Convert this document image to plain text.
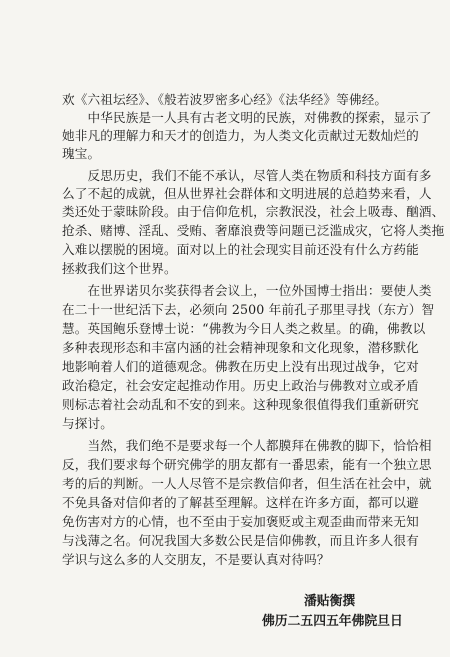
欢《六祖坛经》、《般若波罗密多心经》《法华经》等佛经。
　　中华民族是一人具有古老文明的民族，对佛教的探索，显示了
她非凡的理解力和天才的创造力，为人类文化贡献过无数灿烂的
瑰宝。
　　反思历史，我们不能不承认，尽管人类在物质和科技方面有多
么了不起的成就，但从世界社会群体和文明进展的总趋势来看，人
类还处于蒙昧阶段。由于信仰危机，宗教泯没，社会上吸毒、酗酒、
抢杀、赌博、淫乱、受贿、奢靡浪费等问题已泛滥成灾，它将人类拖
入难以摆脱的困境。面对以上的社会现实目前还没有什么方药能
拯救我们这个世界。
　　在世界诺贝尔奖获得者会议上，一位外国博士指出：要使人类
在二十一世纪活下去，必须向 2500 年前孔子那里寻找（东方）智
慧。英国鲍乐登博士说：“佛教为今日人类之救星。的确，佛教以
多种表现形态和丰富内涵的社会精神现象和文化现象，潜移默化
地影响着人们的道德观念。佛教在历史上没有出现过战争，它对
政治稳定，社会安定起推动作用。历史上政治与佛教对立或矛盾
则标志着社会动乱和不安的到来。这种现象很值得我们重新研究
与探讨。
　　当然，我们绝不是要求每一个人都膜拜在佛教的脚下，恰恰相
反，我们要求每个研究佛学的朋友都有一番思索，能有一个独立思
考的后的判断。一人人尽管不是宗教信仰者，但生活在社会中，就
不免具备对信仰者的了解甚至理解。这样在许多方面，都可以避
免伤害对方的心情，也不至由于妄加褒贬或主观歪曲而带来无知
与浅薄之名。何况我国大多数公民是信仰佛教，而且许多人很有
学识与这么多的人交朋友，不是要认真对待吗？
潘贴衡撰
佛历二五四五年佛院旦日
